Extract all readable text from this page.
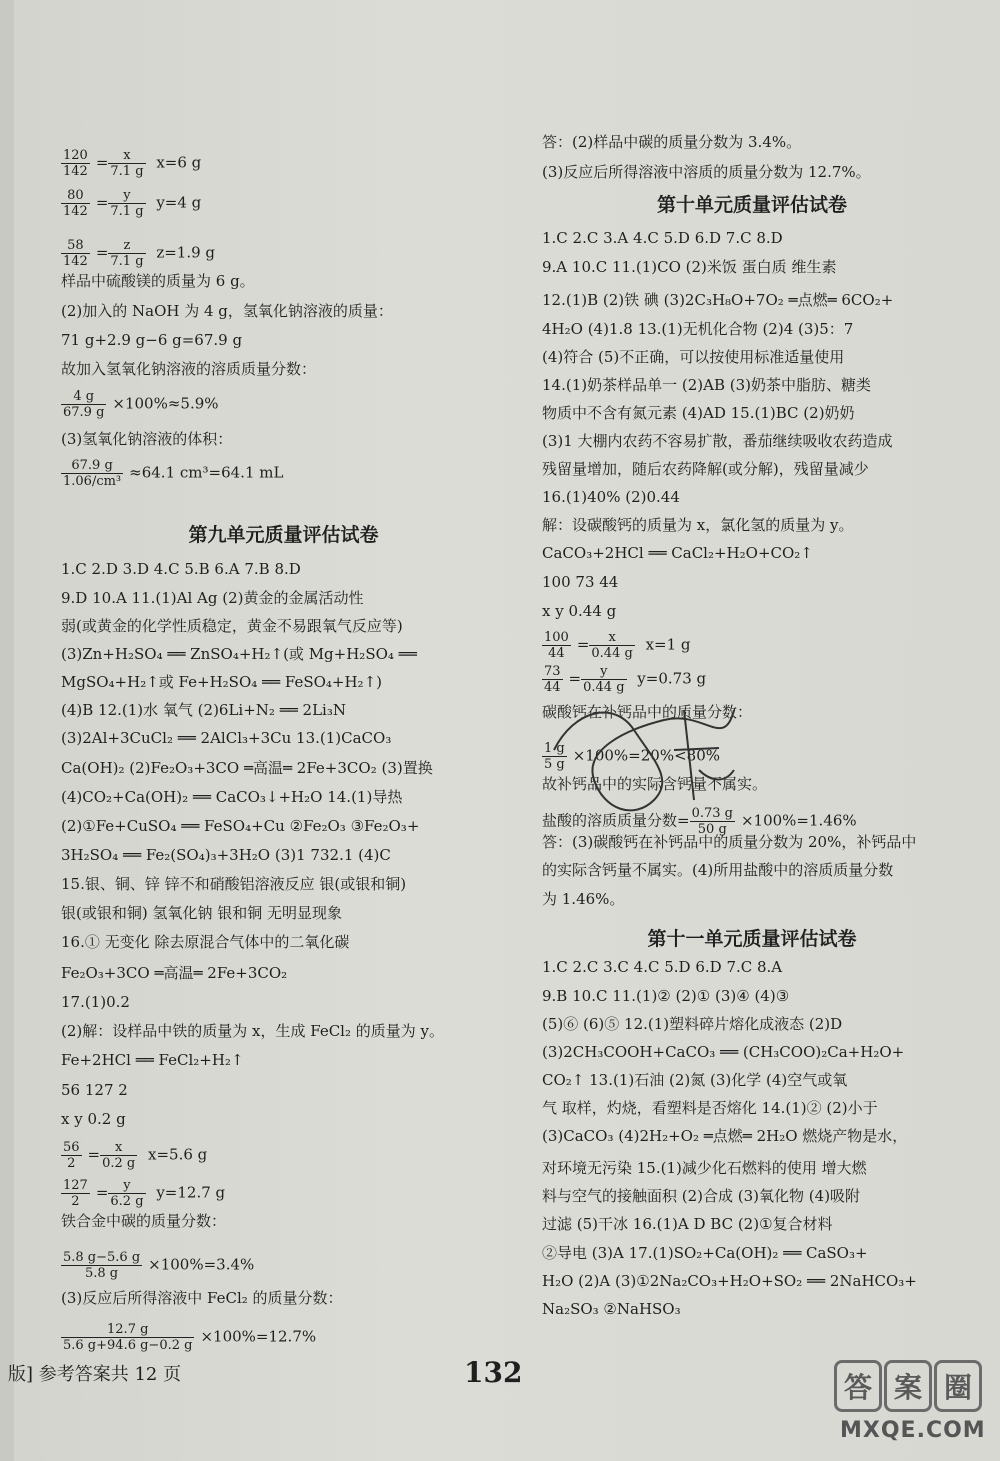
$\frac{120}{142} = \frac{x}{7.1 g} x=6$ g
$\frac{80}{142} = \frac{y}{7.1 g} y=4$ g
$\frac{58}{142} = \frac{z}{7.1 g} z=1.9$ g
样品中硫酸镁的质量为 6 g。
(2)加入的 NaOH 为 4 g，氢氧化钠溶液的质量：
71 g+2.9 g−6 g=67.9 g
故加入氢氧化钠溶液的溶质质量分数：
$\frac{4 g}{67.9 g} \times 100\%\approx 5.9\%$
(3)氢氧化钠溶液的体积：
$\frac{67.9 g}{\text{1.06/cm³}} \approx 64.1$ cm³=64.1 mL
第九单元质量评估试卷
1.C 2.D 3.D 4.C 5.B 6.A 7.B 8.D
9.D 10.A 11.(1)Al Ag (2)黄金的金属活动性
弱(或黄金的化学性质稳定，黄金不易跟氧气反应等)
(3)Zn+H₂SO₄ ══ ZnSO₄+H₂↑(或 Mg+H₂SO₄ ══
MgSO₄+H₂↑或 Fe+H₂SO₄ ══ FeSO₄+H₂↑)
(4)B 12.(1)水 氧气 (2)6Li+N₂ ══ 2Li₃N
(3)2Al+3CuCl₂ ══ 2AlCl₃+3Cu 13.(1)CaCO₃
Ca(OH)₂ (2)Fe₂O₃+3CO ═高温═ 2Fe+3CO₂ (3)置换
(4)CO₂+Ca(OH)₂ ══ CaCO₃↓+H₂O 14.(1)导热
(2)①Fe+CuSO₄ ══ FeSO₄+Cu ②Fe₂O₃ ③Fe₂O₃+
3H₂SO₄ ══ Fe₂(SO₄)₃+3H₂O (3)1 732.1 (4)C
15.银、铜、锌 锌不和硝酸铝溶液反应 银(或银和铜)
银(或银和铜) 氢氧化钠 银和铜 无明显现象
16.① 无变化 除去原混合气体中的二氧化碳
Fe₂O₃+3CO ═高温═ 2Fe+3CO₂
17.(1)0.2
(2)解：设样品中铁的质量为 x，生成 FeCl₂ 的质量为 y。
Fe+2HCl ══ FeCl₂+H₂↑
56 127 2
x y 0.2 g
$\frac{56}{2} = \frac{x}{0.2 g} x=5.6$ g
$\frac{127}{2} = \frac{y}{6.2 g} y=12.7$ g
铁合金中碳的质量分数：
$\frac{5.8 g-5.6 g}{5.8 g} \times 100\%=3.4\%$
(3)反应后所得溶液中 FeCl₂ 的质量分数：
$\frac{12.7 g}{5.6 g+94.6 g-0.2 g} \times 100\%=12.7\%$
答：(2)样品中碳的质量分数为 3.4%。
(3)反应后所得溶液中溶质的质量分数为 12.7%。
第十单元质量评估试卷
1.C 2.C 3.A 4.C 5.D 6.D 7.C 8.D
9.A 10.C 11.(1)CO (2)米饭 蛋白质 维生素
12.(1)B (2)铁 碘 (3)2C₃H₈O+7O₂ ═点燃═ 6CO₂+
4H₂O (4)1.8 13.(1)无机化合物 (2)4 (3)5：7
(4)符合 (5)不正确，可以按使用标准适量使用
14.(1)奶茶样品单一 (2)AB (3)奶茶中脂肪、糖类
物质中不含有氮元素 (4)AD 15.(1)BC (2)奶奶
(3)1 大棚内农药不容易扩散，番茄继续吸收农药造成
残留量增加，随后农药降解(或分解)，残留量减少
16.(1)40% (2)0.44
解：设碳酸钙的质量为 x，氯化氢的质量为 y。
CaCO₃+2HCl ══ CaCl₂+H₂O+CO₂↑
100 73 44
x y 0.44 g
$\frac{100}{44} = \frac{x}{0.44 g} x=1$ g
$\frac{73}{44} = \frac{y}{0.44 g} y=0.73$ g
碳酸钙在补钙品中的质量分数：
$\frac{1 g}{5 g} \times 100\%=20\%<80\%$
故补钙品中的实际含钙量不属实。
盐酸的溶质质量分数= $\frac{0.73 g}{50 g} \times 100\%=1.46\%$
答：(3)碳酸钙在补钙品中的质量分数为 20%，补钙品中
的实际含钙量不属实。(4)所用盐酸中的溶质质量分数
为 1.46%。
第十一单元质量评估试卷
1.C 2.C 3.C 4.C 5.D 6.D 7.C 8.A
9.B 10.C 11.(1)② (2)① (3)④ (4)③
(5)⑥ (6)⑤ 12.(1)塑料碎片熔化成液态 (2)D
(3)2CH₃COOH+CaCO₃ ══ (CH₃COO)₂Ca+H₂O+
CO₂↑ 13.(1)石油 (2)氮 (3)化学 (4)空气或氧
气 取样，灼烧，看塑料是否熔化 14.(1)② (2)小于
(3)CaCO₃ (4)2H₂+O₂ ═点燃═ 2H₂O 燃烧产物是水，
对环境无污染 15.(1)减少化石燃料的使用 增大燃
料与空气的接触面积 (2)合成 (3)氧化物 (4)吸附
过滤 (5)干冰 16.(1)A D BC (2)①复合材料
②导电 (3)A 17.(1)SO₂+Ca(OH)₂ ══ CaSO₃+
H₂O (2)A (3)①2Na₂CO₃+H₂O+SO₂ ══ 2NaHCO₃+
Na₂SO₃ ②NaHSO₃
版] 参考答案共 12 页	132	答 案 圈
MXQE.COM
